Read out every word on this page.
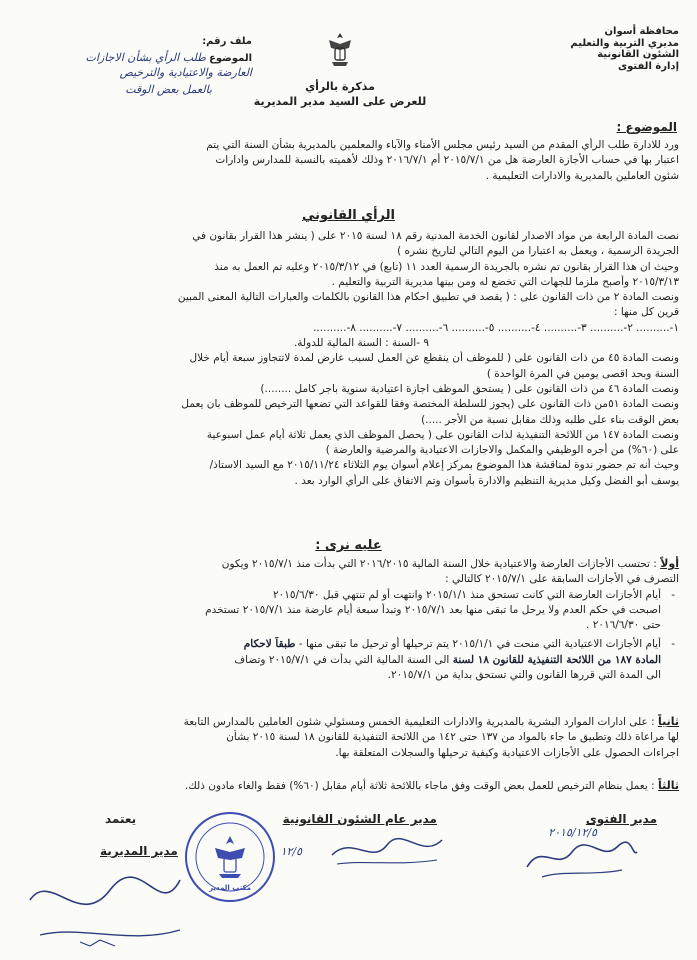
محافظة أسوان
مديري التربية والتعليم
الشئون القانونية
إدارة الفتوى
مذكرة بالرأي
للعرض على السيد مدير المديرية
ملف رقم:
الموضوع طلب الرأي بشأن الاجازات
العارضة والاعتيادية والترخيص
بالعمل بعض الوقت
الموضوع :
ورد للادارة طلب الرأي المقدم من السيد رئيس مجلس الأمناء والآباء والمعلمين بالمديرية بشأن السنة التي يتم
اعتبار بها في حساب الأجازة العارضة هل من ٢٠١٥/٧/١ أم ٢٠١٦/٧/١ وذلك لأهميته بالنسبة للمدارس وادارات
شئون العاملين بالمديرية والادارات التعليمية .
الرأي القانوني
نصت المادة الرابعة من مواد الاصدار لقانون الخدمة المدنية رقم ١٨ لسنة ٢٠١٥ على ( ينشر هذا القرار بقانون في
الجريدة الرسمية ، ويعمل به اعتبارا من اليوم التالي لتاريخ نشره )
وحيث ان هذا القرار بقانون تم نشره بالجريدة الرسمية العدد ١١ (تابع) في ٢٠١٥/٣/١٢ وعليه تم العمل به منذ
٢٠١٥/٣/١٣ وأصبح ملزما للجهات التي تخضع له ومن بينها مديرية التربية والتعليم .
ونصت المادة ٢ من ذات القانون على : ( يقصد في تطبيق احكام هذا القانون بالكلمات والعبارات التالية المعنى المبين
قرين كل منها :
١-.......... ٢-.......... ٣-.......... ٤-.......... ٥-.......... ٦-.......... ٧-.......... ٨-..........
٩ -السنة : السنة المالية للدولة.
ونصت المادة ٤٥ من ذات القانون على ( للموظف أن ينقطع عن العمل لسبب عارض لمدة لاتتجاوز سبعة أيام خلال
السنة وبحد اقصى يومين في المرة الواحدة )
ونصت المادة ٤٦ من ذات القانون على ( يستحق الموظف اجازة اعتيادية سنوية باجر كامل ........)
ونصت المادة ٥١من ذات القانون على (يجوز للسلطة المختصة وفقا للقواعد التي تضعها الترخيص للموظف بان يعمل
بعض الوقت بناء على طلبه وذلك مقابل نسبة من الأجر .....)
ونصت المادة ١٤٧ من اللائحة التنفيذية لذات القانون على ( يحصل الموظف الذي يعمل ثلاثة أيام عمل اسبوعية
على (٦٠%) من أجره الوظيفي والمكمل والاجازات الاعتيادية والمرضية والعارضة )
وحيث أنه تم حضور ندوة لمناقشة هذا الموضوع بمركز إعلام أسوان يوم الثلاثاء ٢٠١٥/١١/٢٤ مع السيد الاستاذ/
يوسف أبو الفضل وكيل مديرية التنظيم والادارة بأسوان وتم الاتفاق على الرأي الوارد بعد .
عليه نرى :
أولاً : تحتسب الأجازات العارضة والاعتيادية خلال السنة المالية ٢٠١٦/٢٠١٥ التي بدأت منذ ٢٠١٥/٧/١ ويكون
التصرف في الأجازات السابقة على ٢٠١٥/٧/١ كالتالي :
- أيام الأجازات العارضة التي كانت تستحق منذ ٢٠١٥/١/١ وانتهت أو لم تنتهي قبل ٢٠١٥/٦/٣٠
اصبحت في حكم العدم ولا يرحل ما تبقى منها بعد ٢٠١٥/٧/١ وتبدأ سبعة أيام عارضة منذ ٢٠١٥/٧/١ تستخدم
حتى ٢٠١٦/٦/٣٠ .
- أيام الأجازات الاعتيادية التي منحت في ٢٠١٥/١/١ يتم ترحيلها أو ترحيل ما تبقى منها - طبقاً لاحكام
المادة ١٨٧ من اللائحة التنفيذية للقانون ١٨ لسنة الى السنة المالية التي بدأت في ٢٠١٥/٧/١ وتضاف
الى المدة التي قررها القانون والتي تستحق بداية من ٢٠١٥/٧/١.
ثانياً : على ادارات الموارد البشرية بالمديرية والادارات التعليمية الخمس ومسئولي شئون العاملين بالمدارس التابعة
لها مراعاة ذلك وتطبيق ما جاء بالمواد من ١٣٧ حتى ١٤٢ من اللائحة التنفيذية للقانون ١٨ لسنة ٢٠١٥ بشأن
اجراءات الحصول على الأجازات الاعتيادية وكيفية ترحيلها والسجلات المتعلقة بها.
ثالثاً : يعمل بنظام الترخيص للعمل بعض الوقت وفق ماجاء باللائحة ثلاثة أيام مقابل (٦٠%) فقط والغاء مادون ذلك.
مدير الفتوى
مدير عام الشئون القانونية
يعتمد
مدير المديرية
٢٠١٥/١٢/٥
١٢/٥
مكتب المدير
